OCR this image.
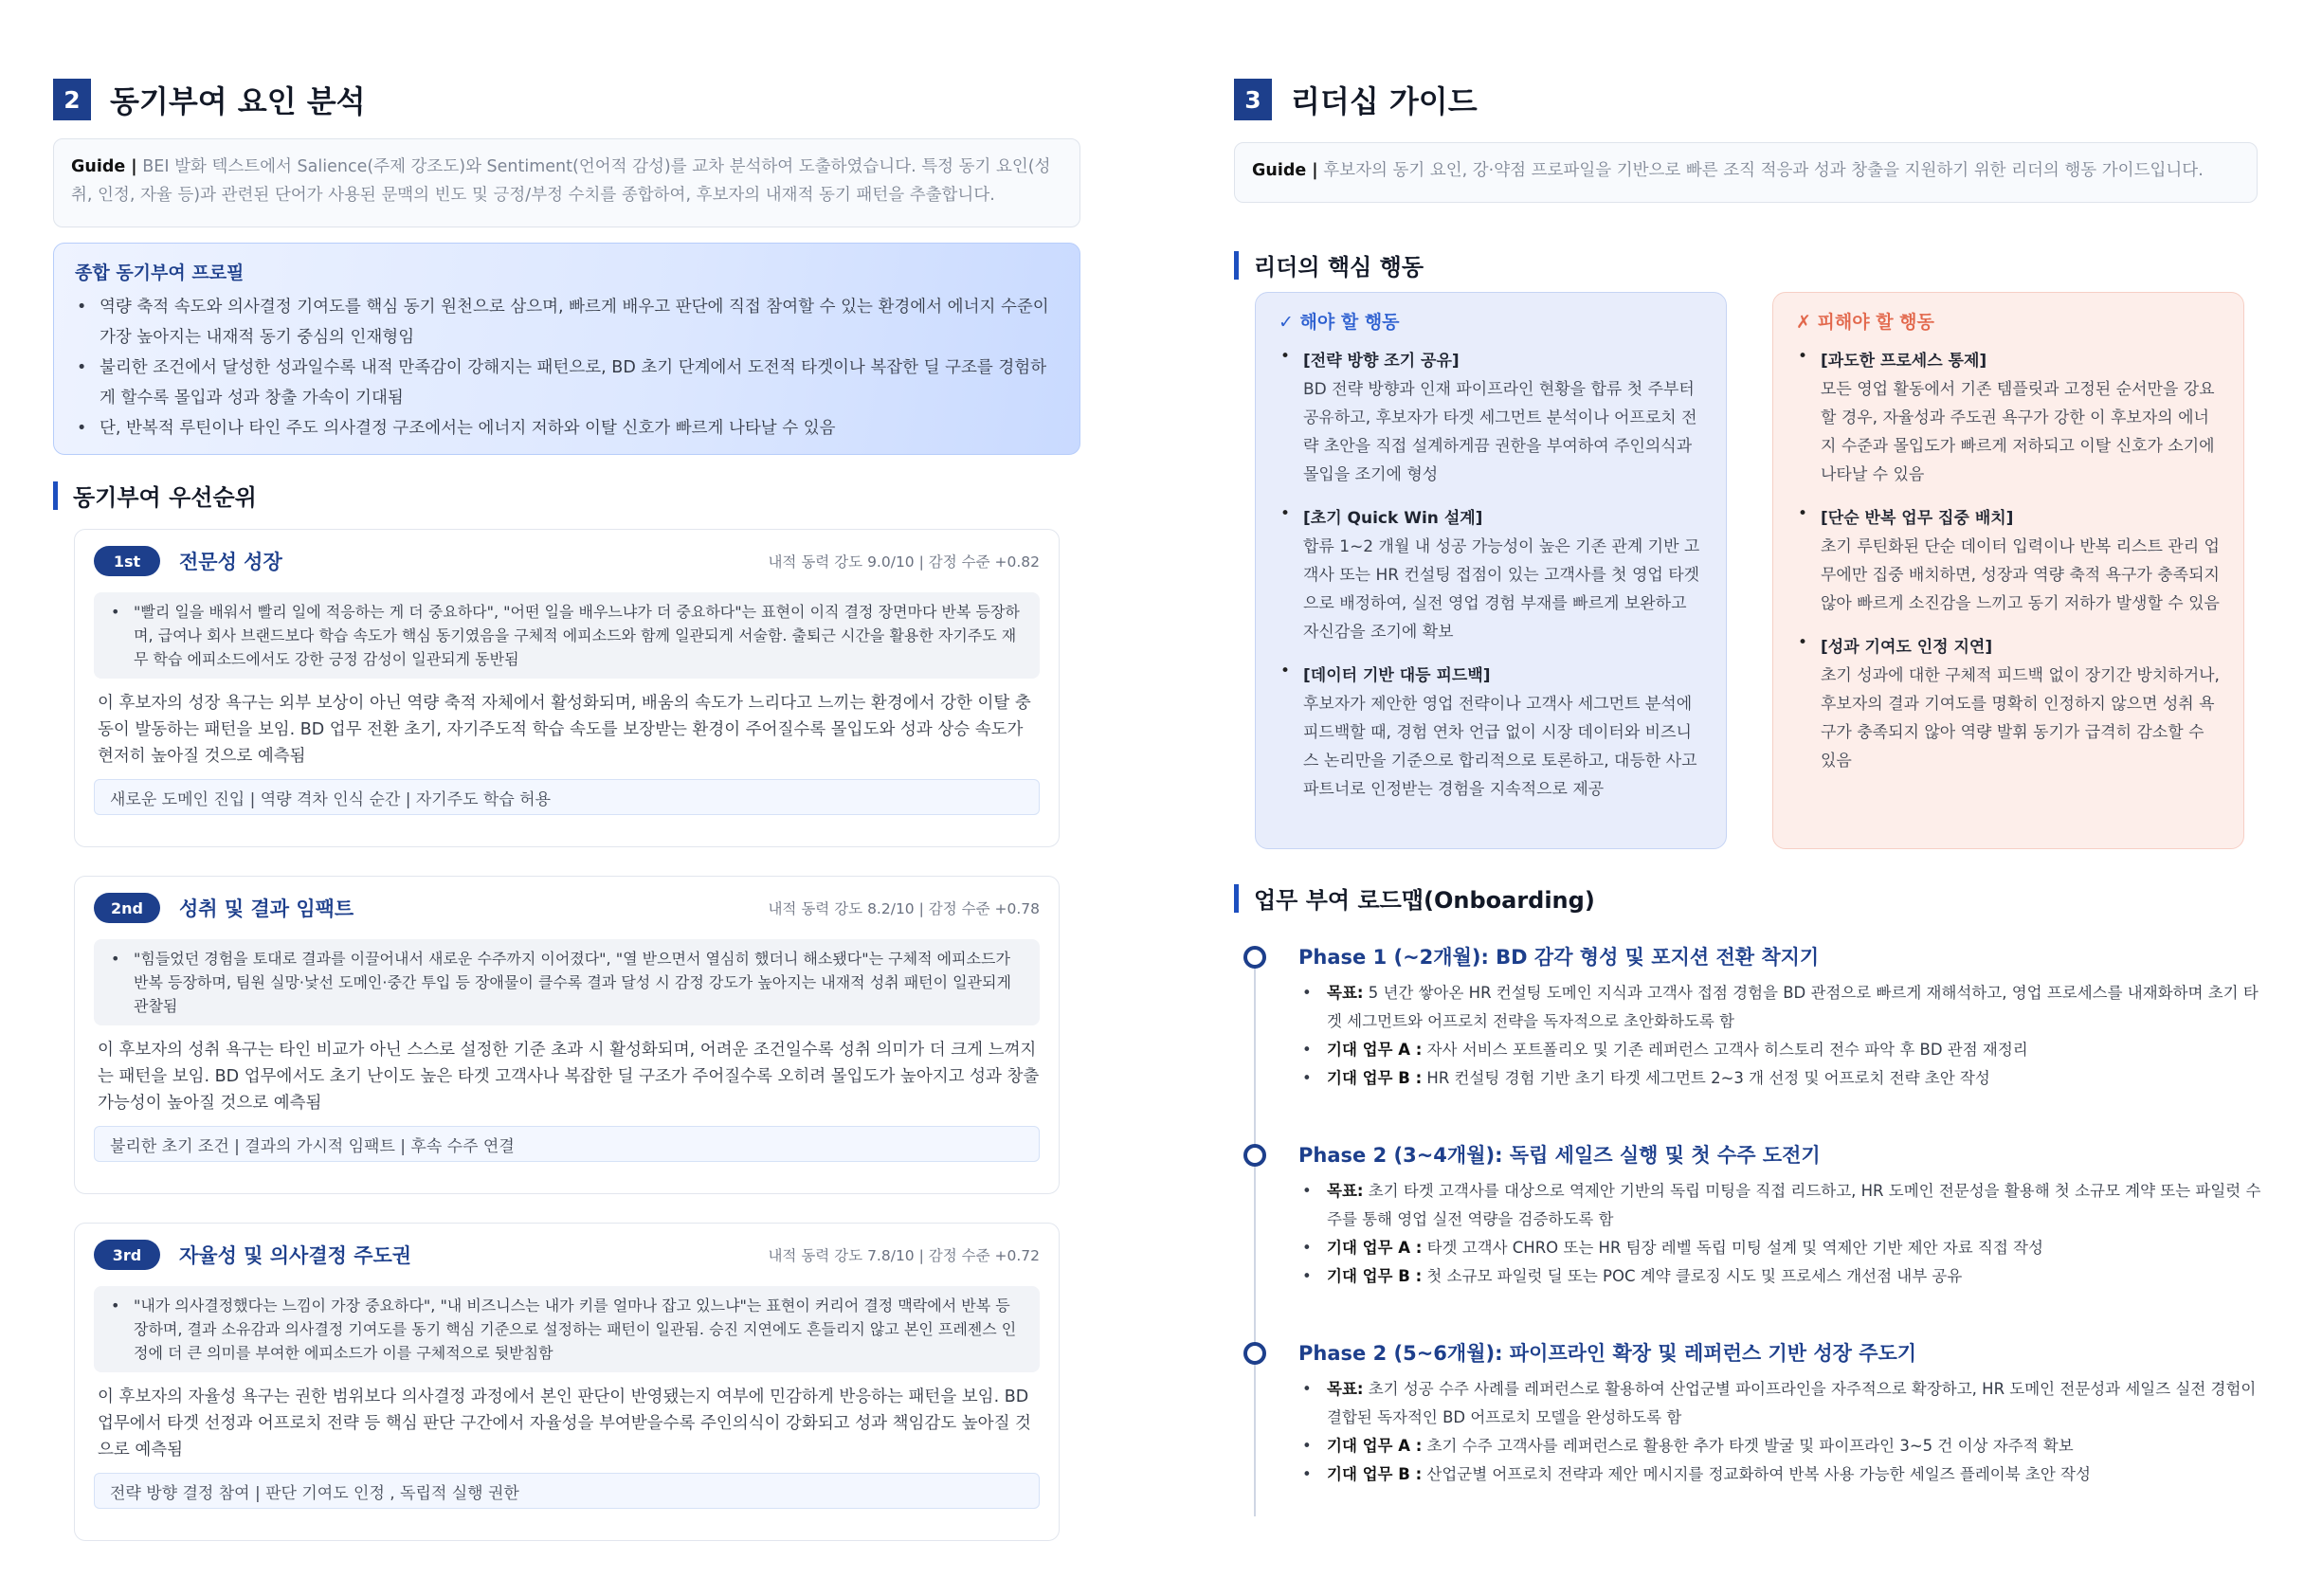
2 동기부여 요인 분석
Guide | BEI 발화 텍스트에서 Salience(주제 강조도)와 Sentiment(언어적 감성)를 교차 분석하여 도출하였습니다. 특정 동기 요인(성취, 인정, 자율 등)과 관련된 단어가 사용된 문맥의 빈도 및 긍정/부정 수치를 종합하여, 후보자의 내재적 동기 패턴을 추출합니다.
종합 동기부여 프로필
• 역량 축적 속도와 의사결정 기여도를 핵심 동기 원천으로 삼으며, 빠르게 배우고 판단에 직접 참여할 수 있는 환경에서 에너지 수준이 가장 높아지는 내재적 동기 중심의 인재형임
• 불리한 조건에서 달성한 성과일수록 내적 만족감이 강해지는 패턴으로, BD 초기 단계에서 도전적 타겟이나 복잡한 딜 구조를 경험하게 할수록 몰입과 성과 창출 가속이 기대됨
• 단, 반복적 루틴이나 타인 주도 의사결정 구조에서는 에너지 저하와 이탈 신호가 빠르게 나타날 수 있음
동기부여 우선순위
1st	전문성 성장	내적 동력 강도 9.0/10 | 감정 수준 +0.82
• "빨리 일을 배워서 빨리 일에 적응하는 게 더 중요하다", "어떤 일을 배우느냐가 더 중요하다"는 표현이 이직 결정 장면마다 반복 등장하며, 급여나 회사 브랜드보다 학습 속도가 핵심 동기였음을 구체적 에피소드와 함께 일관되게 서술함. 출퇴근 시간을 활용한 자기주도 재무 학습 에피소드에서도 강한 긍정 감성이 일관되게 동반됨
이 후보자의 성장 욕구는 외부 보상이 아닌 역량 축적 자체에서 활성화되며, 배움의 속도가 느리다고 느끼는 환경에서 강한 이탈 충동이 발동하는 패턴을 보임. BD 업무 전환 초기, 자기주도적 학습 속도를 보장받는 환경이 주어질수록 몰입도와 성과 상승 속도가 현저히 높아질 것으로 예측됨
새로운 도메인 진입 | 역량 격차 인식 순간 | 자기주도 학습 허용
2nd	성취 및 결과 임팩트	내적 동력 강도 8.2/10 | 감정 수준 +0.78
• "힘들었던 경험을 토대로 결과를 이끌어내서 새로운 수주까지 이어졌다", "열 받으면서 열심히 했더니 해소됐다"는 구체적 에피소드가 반복 등장하며, 팀원 실망·낯선 도메인·중간 투입 등 장애물이 클수록 결과 달성 시 감정 강도가 높아지는 내재적 성취 패턴이 일관되게 관찰됨
이 후보자의 성취 욕구는 타인 비교가 아닌 스스로 설정한 기준 초과 시 활성화되며, 어려운 조건일수록 성취 의미가 더 크게 느껴지는 패턴을 보임. BD 업무에서도 초기 난이도 높은 타겟 고객사나 복잡한 딜 구조가 주어질수록 오히려 몰입도가 높아지고 성과 창출 가능성이 높아질 것으로 예측됨
불리한 초기 조건 | 결과의 가시적 임팩트 | 후속 수주 연결
3rd	자율성 및 의사결정 주도권	내적 동력 강도 7.8/10 | 감정 수준 +0.72
• "내가 의사결정했다는 느낌이 가장 중요하다", "내 비즈니스는 내가 키를 얼마나 잡고 있느냐"는 표현이 커리어 결정 맥락에서 반복 등장하며, 결과 소유감과 의사결정 기여도를 동기 핵심 기준으로 설정하는 패턴이 일관됨. 승진 지연에도 흔들리지 않고 본인 프레젠스 인정에 더 큰 의미를 부여한 에피소드가 이를 구체적으로 뒷받침함
이 후보자의 자율성 욕구는 권한 범위보다 의사결정 과정에서 본인 판단이 반영됐는지 여부에 민감하게 반응하는 패턴을 보임. BD 업무에서 타겟 선정과 어프로치 전략 등 핵심 판단 구간에서 자율성을 부여받을수록 주인의식이 강화되고 성과 책임감도 높아질 것으로 예측됨
전략 방향 결정 참여 | 판단 기여도 인정 , 독립적 실행 권한
3 리더십 가이드
Guide | 후보자의 동기 요인, 강·약점 프로파일을 기반으로 빠른 조직 적응과 성과 창출을 지원하기 위한 리더의 행동 가이드입니다.
리더의 핵심 행동
✓ 해야 할 행동
• [전략 방향 조기 공유]
BD 전략 방향과 인재 파이프라인 현황을 합류 첫 주부터 공유하고, 후보자가 타겟 세그먼트 분석이나 어프로치 전략 초안을 직접 설계하게끔 권한을 부여하여 주인의식과 몰입을 조기에 형성
• [초기 Quick Win 설계]
합류 1~2 개월 내 성공 가능성이 높은 기존 관계 기반 고객사 또는 HR 컨설팅 접점이 있는 고객사를 첫 영업 타겟으로 배정하여, 실전 영업 경험 부재를 빠르게 보완하고 자신감을 조기에 확보
• [데이터 기반 대등 피드백]
후보자가 제안한 영업 전략이나 고객사 세그먼트 분석에 피드백할 때, 경험 연차 언급 없이 시장 데이터와 비즈니스 논리만을 기준으로 합리적으로 토론하고, 대등한 사고 파트너로 인정받는 경험을 지속적으로 제공
✗ 피해야 할 행동
• [과도한 프로세스 통제]
모든 영업 활동에서 기존 템플릿과 고정된 순서만을 강요할 경우, 자율성과 주도권 욕구가 강한 이 후보자의 에너지 수준과 몰입도가 빠르게 저하되고 이탈 신호가 소기에 나타날 수 있음
• [단순 반복 업무 집중 배치]
초기 루틴화된 단순 데이터 입력이나 반복 리스트 관리 업무에만 집중 배치하면, 성장과 역량 축적 욕구가 충족되지 않아 빠르게 소진감을 느끼고 동기 저하가 발생할 수 있음
• [성과 기여도 인정 지연]
초기 성과에 대한 구체적 피드백 없이 장기간 방치하거나, 후보자의 결과 기여도를 명확히 인정하지 않으면 성취 욕구가 충족되지 않아 역량 발휘 동기가 급격히 감소할 수 있음
업무 부여 로드맵(Onboarding)
Phase 1 (~2개월): BD 감각 형성 및 포지션 전환 착지기
• 목표: 5 년간 쌓아온 HR 컨설팅 도메인 지식과 고객사 접점 경험을 BD 관점으로 빠르게 재해석하고, 영업 프로세스를 내재화하며 초기 타겟 세그먼트와 어프로치 전략을 독자적으로 초안화하도록 함
• 기대 업무 A : 자사 서비스 포트폴리오 및 기존 레퍼런스 고객사 히스토리 전수 파악 후 BD 관점 재정리
• 기대 업무 B : HR 컨설팅 경험 기반 초기 타겟 세그먼트 2~3 개 선정 및 어프로치 전략 초안 작성
Phase 2 (3~4개월): 독립 세일즈 실행 및 첫 수주 도전기
• 목표: 초기 타겟 고객사를 대상으로 역제안 기반의 독립 미팅을 직접 리드하고, HR 도메인 전문성을 활용해 첫 소규모 계약 또는 파일럿 수주를 통해 영업 실전 역량을 검증하도록 함
• 기대 업무 A : 타겟 고객사 CHRO 또는 HR 팀장 레벨 독립 미팅 설계 및 역제안 기반 제안 자료 직접 작성
• 기대 업무 B : 첫 소규모 파일럿 딜 또는 POC 계약 클로징 시도 및 프로세스 개선점 내부 공유
Phase 2 (5~6개월): 파이프라인 확장 및 레퍼런스 기반 성장 주도기
• 목표: 초기 성공 수주 사례를 레퍼런스로 활용하여 산업군별 파이프라인을 자주적으로 확장하고, HR 도메인 전문성과 세일즈 실전 경험이 결합된 독자적인 BD 어프로치 모델을 완성하도록 함
• 기대 업무 A : 초기 수주 고객사를 레퍼런스로 활용한 추가 타겟 발굴 및 파이프라인 3~5 건 이상 자주적 확보
• 기대 업무 B : 산업군별 어프로치 전략과 제안 메시지를 정교화하여 반복 사용 가능한 세일즈 플레이북 초안 작성
